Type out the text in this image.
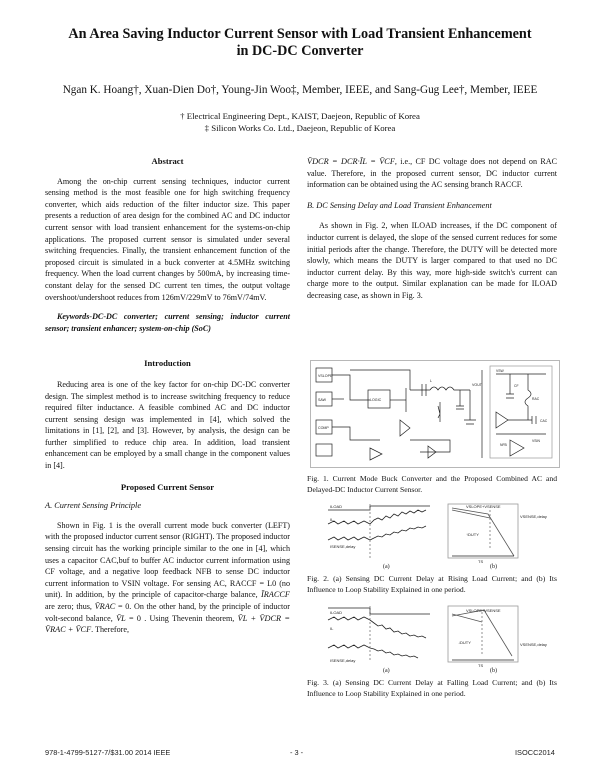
An Area Saving Inductor Current Sensor with Load Transient Enhancement
in DC-DC Converter
Ngan K. Hoang†, Xuan-Dien Do†, Young-Jin Woo‡, Member, IEEE, and Sang-Gug Lee†, Member, IEEE
† Electrical Engineering Dept., KAIST, Daejeon, Republic of Korea
‡ Silicon Works Co. Ltd., Daejeon, Republic of Korea
Abstract

Among the on-chip current sensing techniques, inductor current sensing method is the most feasible one for high switching frequency converter, which aids reduction of the filter inductor size. This paper presents a reduction of area design for the combined AC and DC inductor current sensor with load transient enhancement for the systems-on-chip applications. The proposed current sensor is simulated under several switching frequencies. Finally, the transient enhancement function of the proposed circuit is simulated in a buck converter at 4.5MHz switching frequency. When the load current changes by 500mA, by increasing time-constant delay for the sensed DC current ten times, the output voltage overshoot/undershoot reduces from 126mV/229mV to 76mV/74mV.

Keywords-DC-DC converter; current sensing; inductor current sensor; transient enhancer; system-on-chip (SoC)

Introduction

Reducing area is one of the key factor for on-chip DC-DC converter design. The simplest method is to increase switching frequency to reduce required filter inductance. A feasible combined AC and DC inductor current sensing design was implemented in [4], which solved the limitations in [1], [2], and [3]. However, by analysis, the design can be further simplified to reduce chip area. In addition, load transient enhancement can be employed by a small change in the component values in [4].

Proposed Current Sensor
A. Current Sensing Principle

Shown in Fig. 1 is the overall current mode buck converter (LEFT) with the proposed inductor current sensor (RIGHT). The proposed inductor sensing circuit has the working principle similar to the one in [4], which uses a capacitor CAC,buf to buffer AC inductor current information using CF voltage, and a negative loop feedback NFB to sense DC inductor current information to VSIN voltage. For sensing AC, RACCF = L0 (no unit). In addition, by the principle of capacitor-charge balance, ĪRACCF are zero; thus, V̄RAC = 0. On the other hand, by the principle of inductor volt-second balance, V̄L = 0 . Using Thevenin theorem, V̄L + V̄DCR = V̄RAC + V̄CF. Therefore,

V̄DCR = DCR·ĪL = V̄CF, i.e., CF DC voltage does not depend on RAC value. Therefore, in the proposed current sensor, DC inductor current information can be obtained using the AC sensing branch RACCF.

B. DC Sensing Delay and Load Transient Enhancement

As shown in Fig. 2, when ILOAD increases, if the DC component of inductor current is delayed, the slope of the sensed current reduces for some initial periods after the change. Therefore, the DUTY will be detected more slowly, which means the DUTY is larger compared to that used no DC inductor current delay. By this way, more high-side switch's current can charge more to the output. Similar explanation can be made for ILOAD decreasing case, as shown in Fig. 3.

VSLOPE
SAW
COMP
LOGIC
L
VOUT	CF
RAC
CAC
NFB
VSW
VSIN
Fig. 1. Current Mode Buck Converter and the Proposed Combined AC and Delayed-DC Inductor Current Sensor.
ILOAD
IL
ISENSE,delay
VSLOPE+VSENSE
↑DUTY
VSENSE,delay
TS
(a)	(b)
Fig. 2. (a) Sensing DC Current Delay at Rising Load Current; and (b) Its Influence to Loop Stability Explained in one period.
ILOAD
IL
ISENSE,delay
VSLOPE+VSENSE
↓DUTY	VSENSE,delay
TS
(a)	(b)
Fig. 3. (a) Sensing DC Current Delay at Falling Load Current; and (b) Its Influence to Loop Stability Explained in one period.
978-1-4799-5127-7/$31.00 2014 IEEE	- 3 -	ISOCC2014
